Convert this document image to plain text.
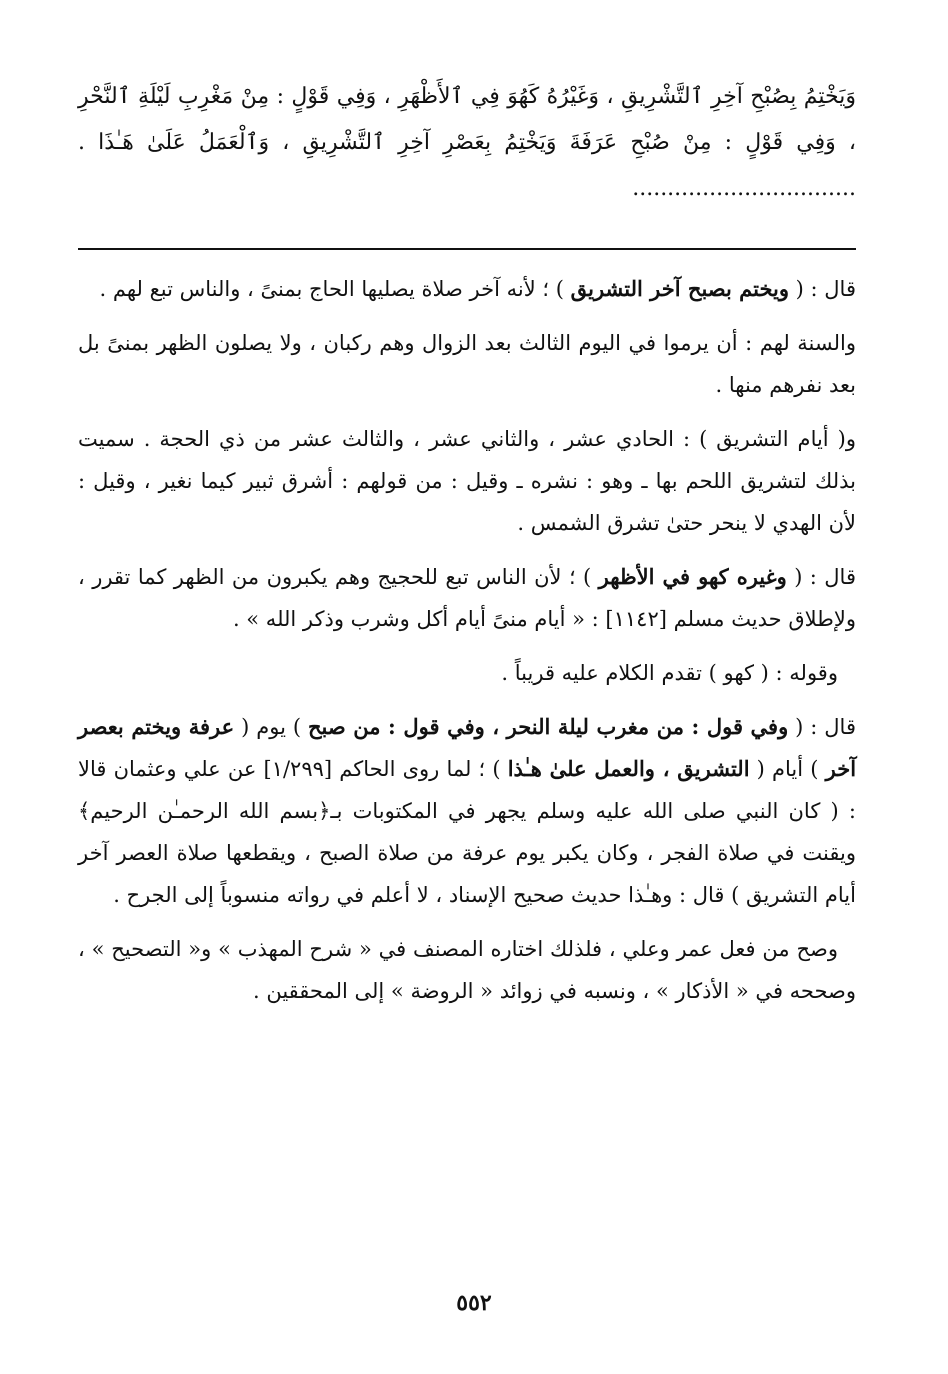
وَيَخْتِمُ بِصُبْحِ آخِرِ ٱلتَّشْرِيقِ ، وَغَيْرُهُ كَهُوَ فِي ٱلأَظْهَرِ ، وَفِي قَوْلٍ : مِنْ مَغْرِبِ لَيْلَةِ ٱلنَّحْرِ ، وَفِي قَوْلٍ : مِنْ صُبْحِ عَرَفَةَ وَيَخْتِمُ بِعَصْرِ آخِرِ ٱلتَّشْرِيقِ ، وَٱلْعَمَلُ عَلَىٰ هَـٰذَا . ................................

قال : ( ويختم بصبح آخر التشريق ) ؛ لأنه آخر صلاة يصليها الحاج بمنىً ، والناس تبع لهم .

والسنة لهم : أن يرموا في اليوم الثالث بعد الزوال وهم ركبان ، ولا يصلون الظهر بمنىً بل بعد نفرهم منها .

و( أيام التشريق ) : الحادي عشر ، والثاني عشر ، والثالث عشر من ذي الحجة . سميت بذلك لتشريق اللحم بها ـ وهو : نشره ـ وقيل : من قولهم : أشرق ثبير كيما نغير ، وقيل : لأن الهدي لا ينحر حتىٰ تشرق الشمس .

قال : ( وغيره كهو في الأظهر ) ؛ لأن الناس تبع للحجيج وهم يكبرون من الظهر كما تقرر ، ولإطلاق حديث مسلم [١١٤٢] : « أيام منىً أيام أكل وشرب وذكر الله » .

وقوله : ( كهو ) تقدم الكلام عليه قريباً .

قال : ( وفي قول : من مغرب ليلة النحر ، وفي قول : من صبح ) يوم ( عرفة ويختم بعصر آخر ) أيام ( التشريق ، والعمل علىٰ هـٰذا ) ؛ لما روى الحاكم [١/٢٩٩] عن علي وعثمان قالا : ( كان النبي صلى الله عليه وسلم يجهر في المكتوبات بـ﴿بسم الله الرحمـٰن الرحيم﴾ ويقنت في صلاة الفجر ، وكان يكبر يوم عرفة من صلاة الصبح ، ويقطعها صلاة العصر آخر أيام التشريق ) قال : وهـٰذا حديث صحيح الإسناد ، لا أعلم في رواته منسوباً إلى الجرح .

وصح من فعل عمر وعلي ، فلذلك اختاره المصنف في « شرح المهذب » و« التصحيح » ، وصححه في « الأذكار » ، ونسبه في زوائد « الروضة » إلى المحققين .

٥٥٢
